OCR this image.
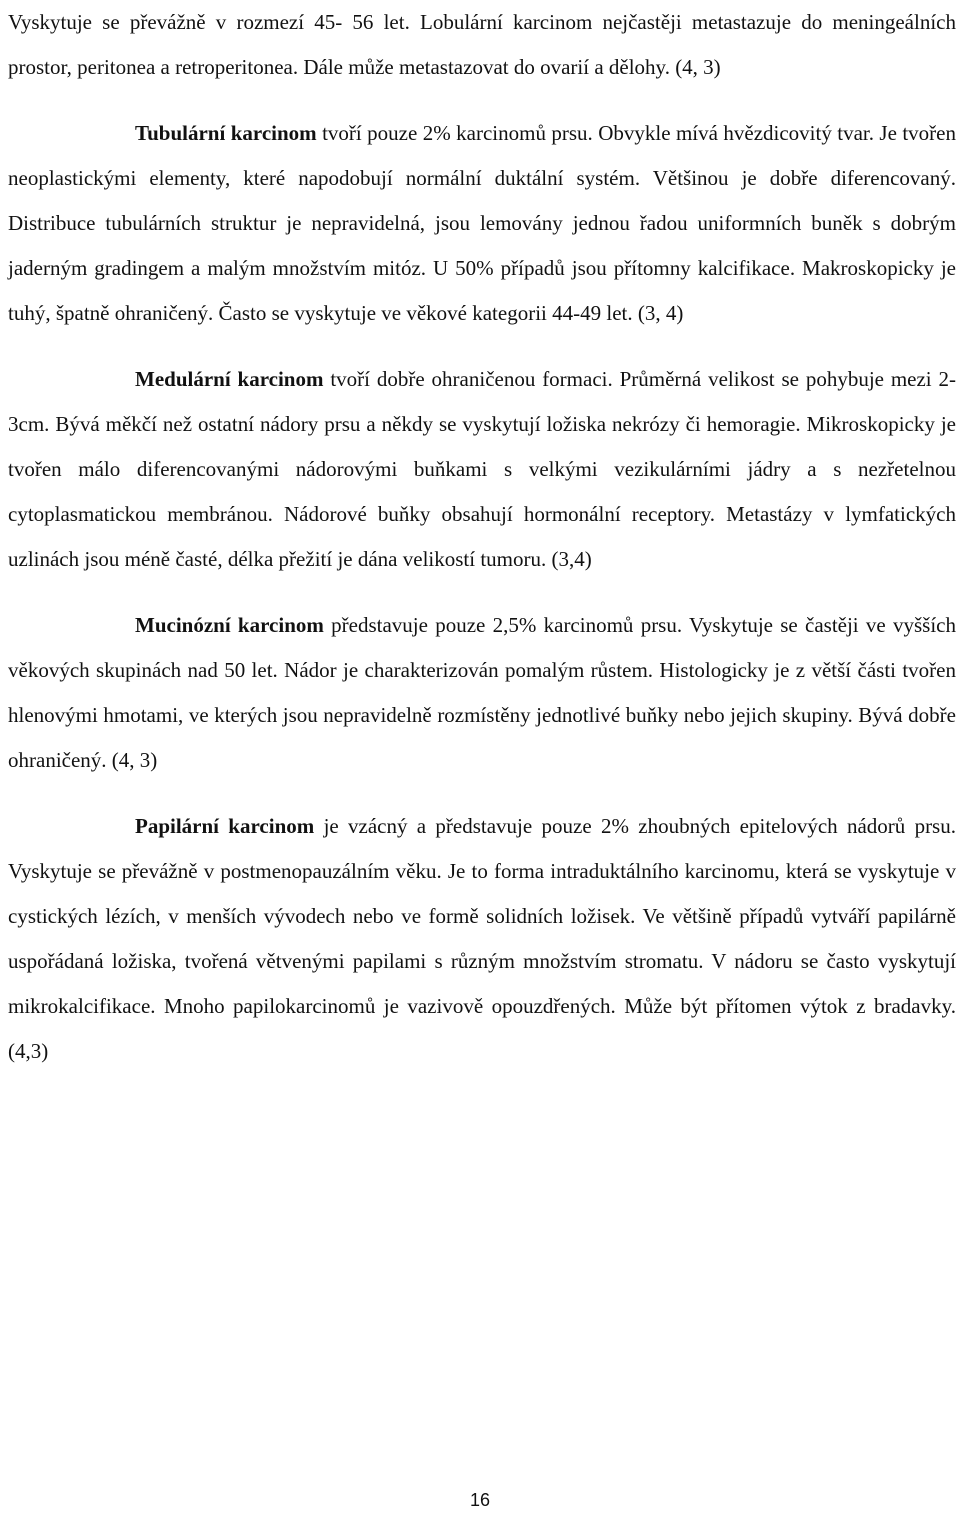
Vyskytuje se převážně v rozmezí 45- 56 let. Lobulární karcinom nejčastěji metastazuje do meningeálních prostor, peritonea a retroperitonea. Dále může metastazovat do ovarií a dělohy. (4, 3)

Tubulární karcinom tvoří pouze 2% karcinomů prsu. Obvykle mívá hvězdicovitý tvar. Je tvořen neoplastickými elementy, které napodobují normální duktální systém. Většinou je dobře diferencovaný. Distribuce tubulárních struktur je nepravidelná, jsou lemovány jednou řadou uniformních buněk s dobrým jaderným gradingem a malým množstvím mitóz. U 50% případů jsou přítomny kalcifikace. Makroskopicky je tuhý, špatně ohraničený. Často se vyskytuje ve věkové kategorii 44-49 let. (3, 4)

Medulární karcinom tvoří dobře ohraničenou formaci. Průměrná velikost se pohybuje mezi 2-3cm. Bývá měkčí než ostatní nádory prsu a někdy se vyskytují ložiska nekrózy či hemoragie. Mikroskopicky je tvořen málo diferencovanými nádorovými buňkami s velkými vezikulárními jádry a s nezřetelnou cytoplasmatickou membránou. Nádorové buňky obsahují hormonální receptory. Metastázy v lymfatických uzlinách jsou méně časté, délka přežití je dána velikostí tumoru. (3,4)

Mucinózní karcinom představuje pouze 2,5% karcinomů prsu. Vyskytuje se častěji ve vyšších věkových skupinách nad 50 let. Nádor je charakterizován pomalým růstem. Histologicky je z větší části tvořen hlenovými hmotami, ve kterých jsou nepravidelně rozmístěny jednotlivé buňky nebo jejich skupiny. Bývá dobře ohraničený. (4, 3)

Papilární karcinom je vzácný a představuje pouze 2% zhoubných epitelových nádorů prsu. Vyskytuje se převážně v postmenopauzálním věku. Je to forma intraduktálního karcinomu, která se vyskytuje v cystických lézích, v menších vývodech nebo ve formě solidních ložisek. Ve většině případů vytváří papilárně uspořádaná ložiska, tvořená větvenými papilami s různým množstvím stromatu. V nádoru se často vyskytují mikrokalcifikace. Mnoho papilokarcinomů je vazivově opouzdřených. Může být přítomen výtok z bradavky. (4,3)

16
